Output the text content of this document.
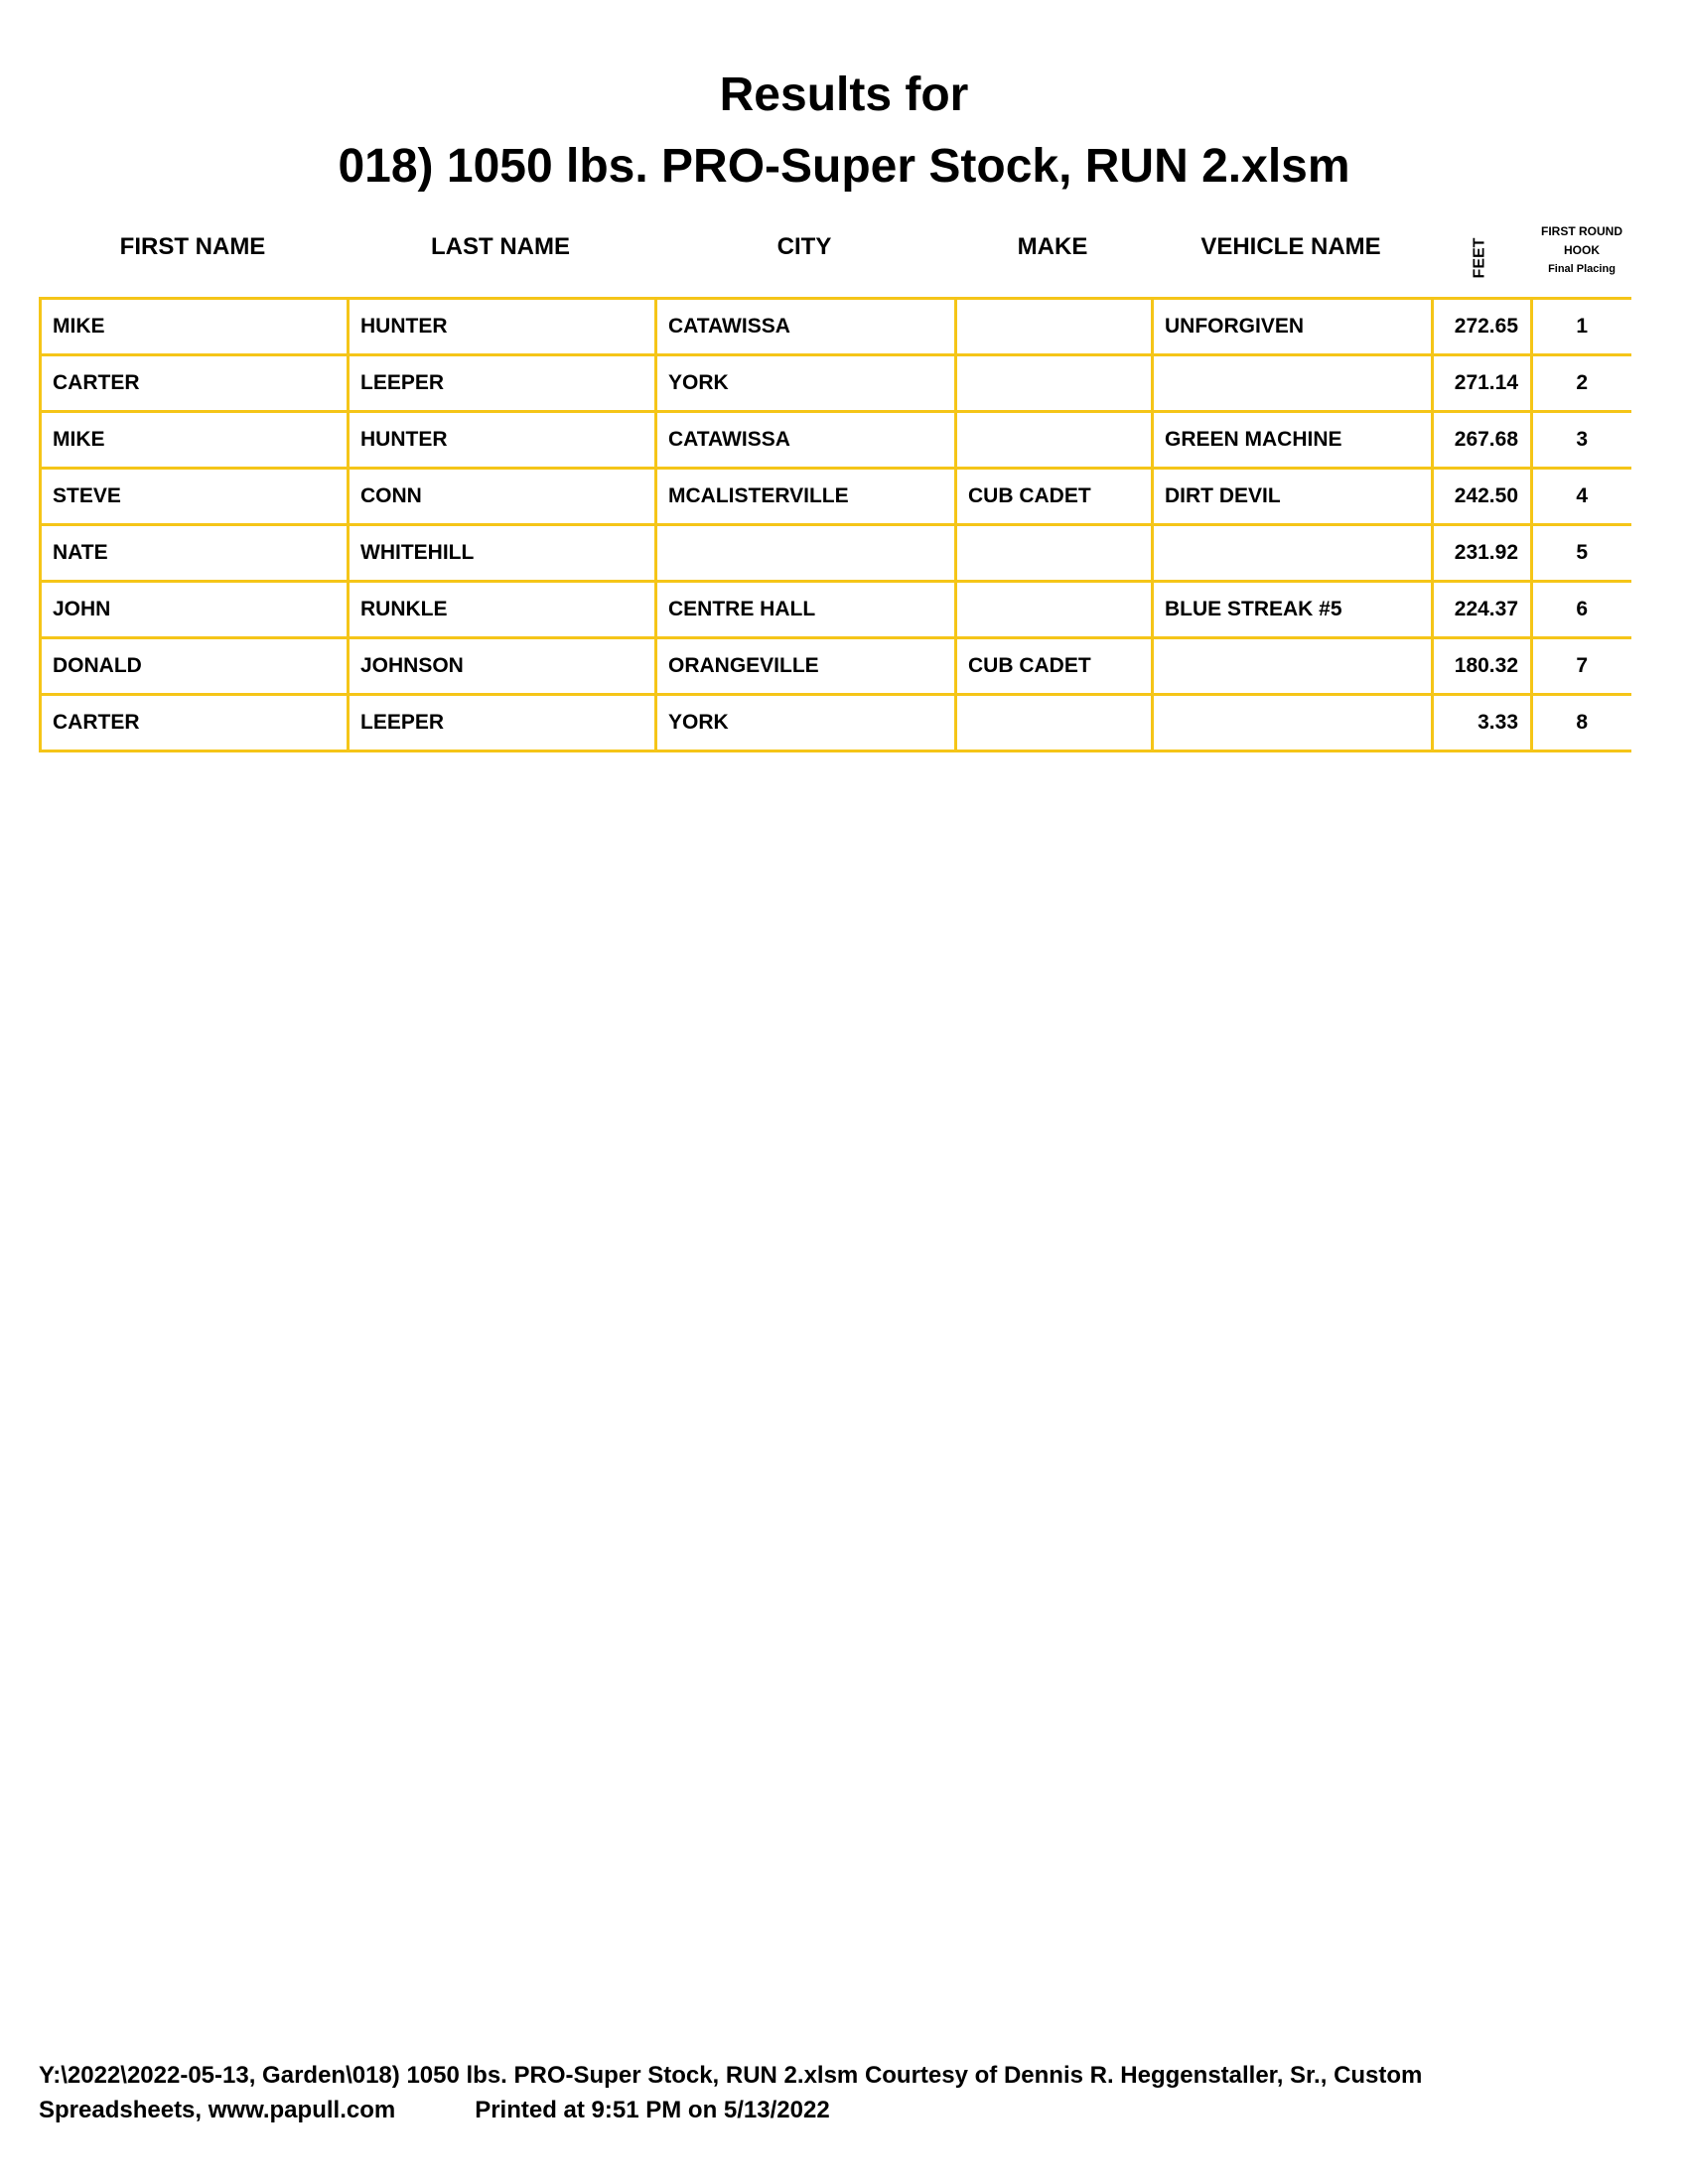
Results for
018) 1050 lbs. PRO-Super Stock, RUN 2.xlsm
FIRST NAME	LAST NAME	CITY	MAKE	VEHICLE NAME	FEET
FIRST ROUND
HOOK
Final Placing
MIKE	HUNTER	CATAWISSA		UNFORGIVEN	272.65	1
CARTER	LEEPER	YORK			271.14	2
MIKE	HUNTER	CATAWISSA		GREEN MACHINE	267.68	3
STEVE	CONN	MCALISTERVILLE	CUB CADET	DIRT DEVIL	242.50	4
NATE	WHITEHILL				231.92	5
JOHN	RUNKLE	CENTRE HALL		BLUE STREAK #5	224.37	6
DONALD	JOHNSON	ORANGEVILLE	CUB CADET		180.32	7
CARTER	LEEPER	YORK			3.33	8
Y:\2022\2022-05-13, Garden\018) 1050 lbs. PRO-Super Stock, RUN 2.xlsm Courtesy of Dennis R. Heggenstaller, Sr., Custom
Spreadsheets, www.papull.com	Printed at 9:51 PM on 5/13/2022
